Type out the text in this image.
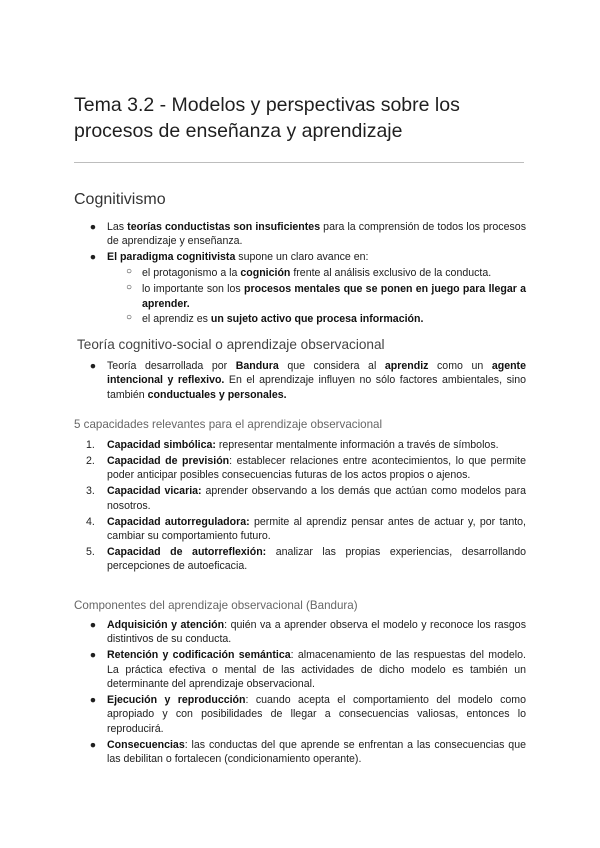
Tema 3.2 - Modelos y perspectivas sobre los procesos de enseñanza y aprendizaje
Cognitivismo
● Las teorías conductistas son insuficientes para la comprensión de todos los procesos de aprendizaje y enseñanza.
● El paradigma cognitivista supone un claro avance en:
○ el protagonismo a la cognición frente al análisis exclusivo de la conducta.
○ lo importante son los procesos mentales que se ponen en juego para llegar a aprender.
○ el aprendiz es un sujeto activo que procesa información.
Teoría cognitivo-social o aprendizaje observacional
● Teoría desarrollada por Bandura que considera al aprendiz como un agente intencional y reflexivo. En el aprendizaje influyen no sólo factores ambientales, sino también conductuales y personales.
5 capacidades relevantes para el aprendizaje observacional
1.	Capacidad simbólica: representar mentalmente información a través de símbolos.
2.	Capacidad de previsión: establecer relaciones entre acontecimientos, lo que permite poder anticipar posibles consecuencias futuras de los actos propios o ajenos.
3.	Capacidad vicaria: aprender observando a los demás que actúan como modelos para nosotros.
4.	Capacidad autorreguladora: permite al aprendiz pensar antes de actuar y, por tanto, cambiar su comportamiento futuro.
5.	Capacidad de autorreflexión: analizar las propias experiencias, desarrollando percepciones de autoeficacia.
Componentes del aprendizaje observacional (Bandura)
● Adquisición y atención: quién va a aprender observa el modelo y reconoce los rasgos distintivos de su conducta.
● Retención y codificación semántica: almacenamiento de las respuestas del modelo. La práctica efectiva o mental de las actividades de dicho modelo es también un determinante del aprendizaje observacional.
● Ejecución y reproducción: cuando acepta el comportamiento del modelo como apropiado y con posibilidades de llegar a consecuencias valiosas, entonces lo reproducirá.
● Consecuencias: las conductas del que aprende se enfrentan a las consecuencias que las debilitan o fortalecen (condicionamiento operante).
